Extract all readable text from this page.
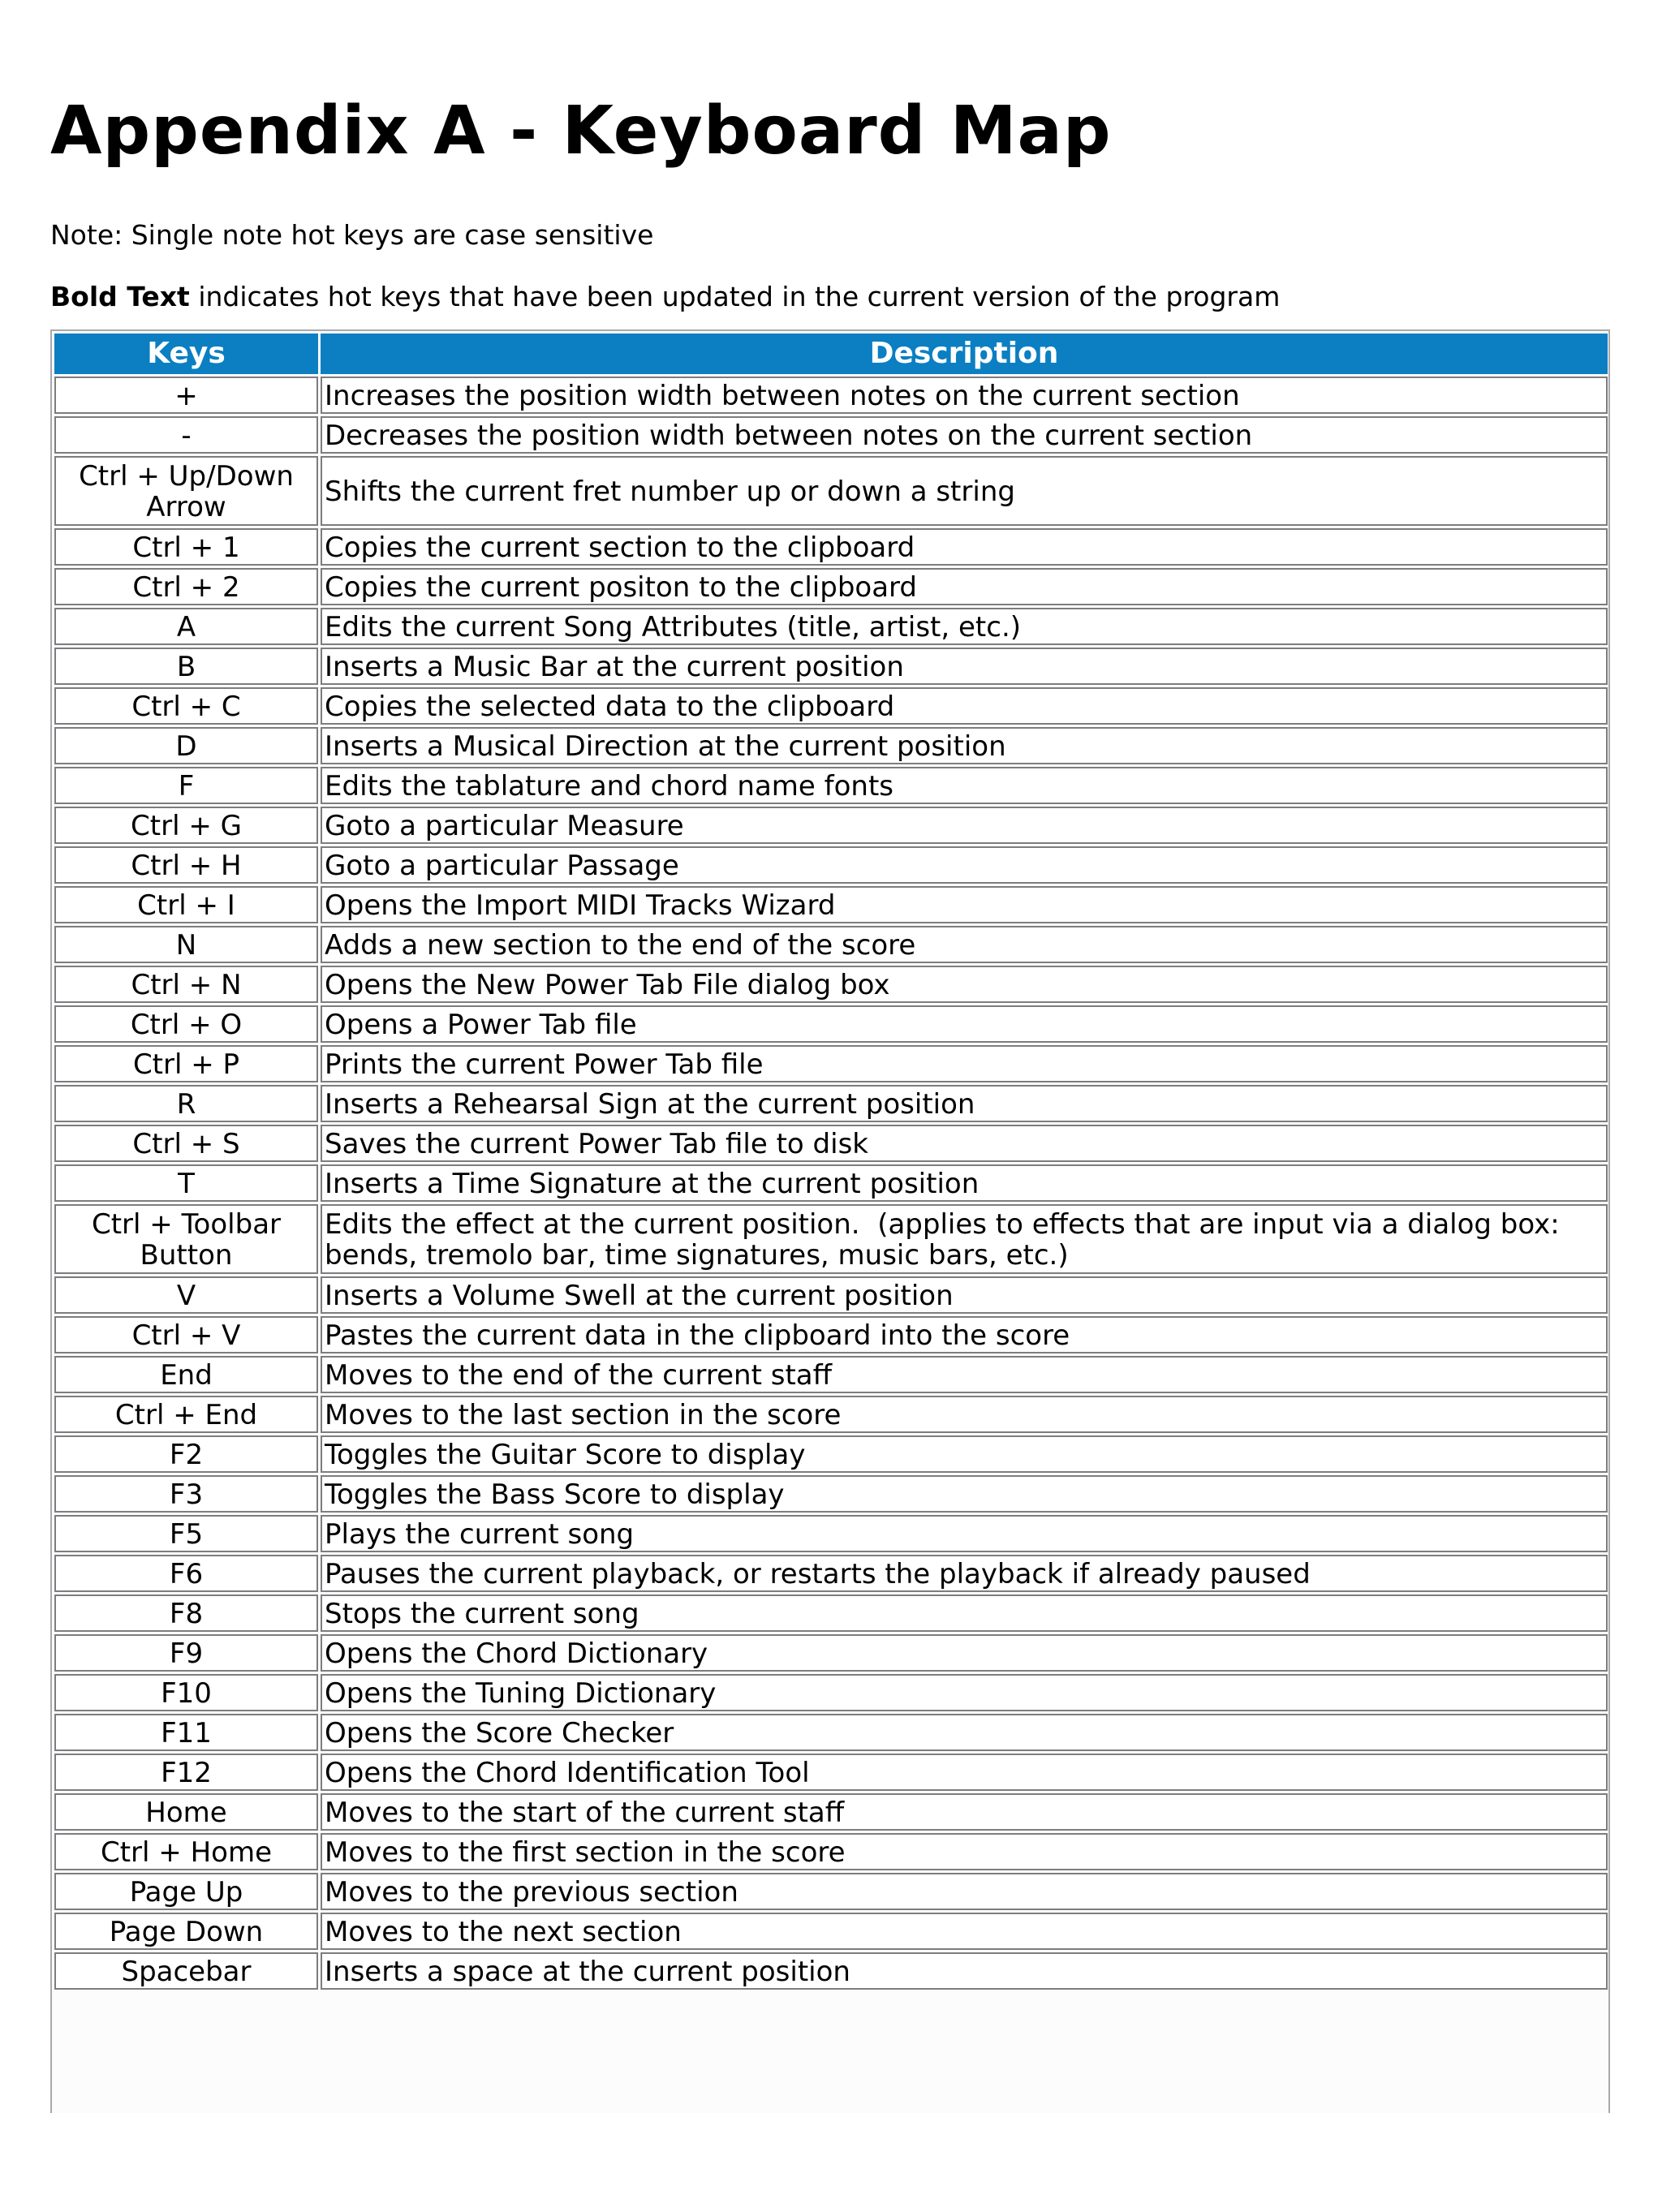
Appendix A - Keyboard Map
Note: Single note hot keys are case sensitive
Bold Text indicates hot keys that have been updated in the current version of the program
Keys	Description
+	Increases the position width between notes on the current section
-	Decreases the position width between notes on the current section
Ctrl + Up/Down Arrow	Shifts the current fret number up or down a string
Ctrl + 1	Copies the current section to the clipboard
Ctrl + 2	Copies the current positon to the clipboard
A	Edits the current Song Attributes (title, artist, etc.)
B	Inserts a Music Bar at the current position
Ctrl + C	Copies the selected data to the clipboard
D	Inserts a Musical Direction at the current position
F	Edits the tablature and chord name fonts
Ctrl + G	Goto a particular Measure
Ctrl + H	Goto a particular Passage
Ctrl + I	Opens the Import MIDI Tracks Wizard
N	Adds a new section to the end of the score
Ctrl + N	Opens the New Power Tab File dialog box
Ctrl + O	Opens a Power Tab file
Ctrl + P	Prints the current Power Tab file
R	Inserts a Rehearsal Sign at the current position
Ctrl + S	Saves the current Power Tab file to disk
T	Inserts a Time Signature at the current position
Ctrl + Toolbar Button	Edits the effect at the current position.  (applies to effects that are input via a dialog box:  bends, tremolo bar, time signatures, music bars, etc.)
V	Inserts a Volume Swell at the current position
Ctrl + V	Pastes the current data in the clipboard into the score
End	Moves to the end of the current staff
Ctrl + End	Moves to the last section in the score
F2	Toggles the Guitar Score to display
F3	Toggles the Bass Score to display
F5	Plays the current song
F6	Pauses the current playback, or restarts the playback if already paused
F8	Stops the current song
F9	Opens the Chord Dictionary
F10	Opens the Tuning Dictionary
F11	Opens the Score Checker
F12	Opens the Chord Identification Tool
Home	Moves to the start of the current staff
Ctrl + Home	Moves to the first section in the score
Page Up	Moves to the previous section
Page Down	Moves to the next section
Spacebar	Inserts a space at the current position
